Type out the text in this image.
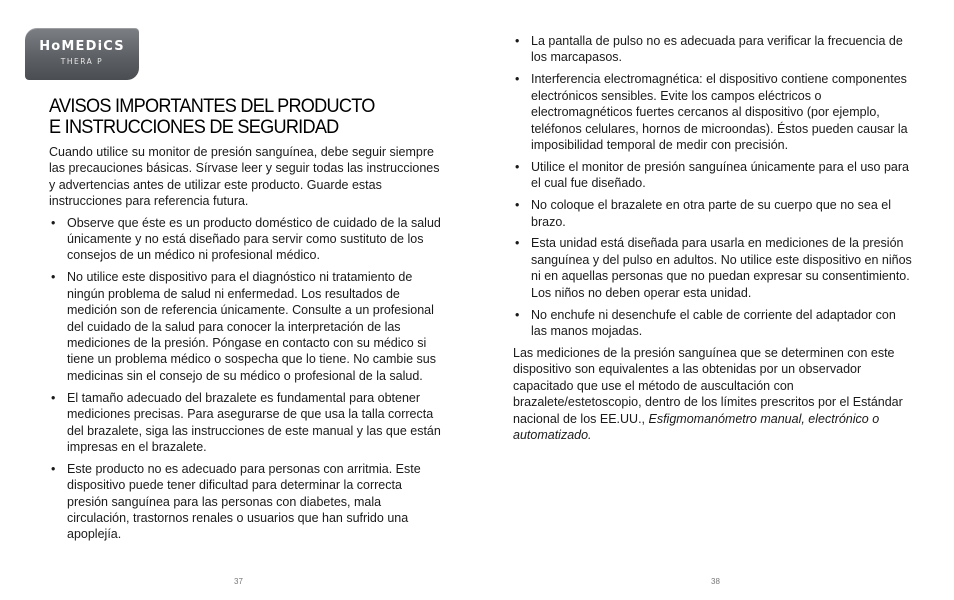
HoMEDiCS
THERA P
AVISOS IMPORTANTES DEL PRODUCTO
E INSTRUCCIONES DE SEGURIDAD

Cuando utilice su monitor de presión sanguínea, debe seguir siempre las precauciones básicas. Sírvase leer y seguir todas las instrucciones y advertencias antes de utilizar este producto. Guarde estas instrucciones para referencia futura.

• Observe que éste es un producto doméstico de cuidado de la salud únicamente y no está diseñado para servir como sustituto de los consejos de un médico ni profesional médico.
• No utilice este dispositivo para el diagnóstico ni tratamiento de ningún problema de salud ni enfermedad. Los resultados de medición son de referencia únicamente. Consulte a un profesional del cuidado de la salud para conocer la interpretación de las mediciones de la presión. Póngase en contacto con su médico si tiene un problema médico o sospecha que lo tiene. No cambie sus medicinas sin el consejo de su médico o profesional de la salud.
• El tamaño adecuado del brazalete es fundamental para obtener mediciones precisas. Para asegurarse de que usa la talla correcta del brazalete, siga las instrucciones de este manual y las que están impresas en el brazalete.
• Este producto no es adecuado para personas con arritmia. Este dispositivo puede tener dificultad para determinar la correcta presión sanguínea para las personas con diabetes, mala circulación, trastornos renales o usuarios que han sufrido una apoplejía.
• La pantalla de pulso no es adecuada para verificar la frecuencia de los marcapasos.
• Interferencia electromagnética: el dispositivo contiene componentes electrónicos sensibles. Evite los campos eléctricos o electromagnéticos fuertes cercanos al dispositivo (por ejemplo, teléfonos celulares, hornos de microondas). Éstos pueden causar la imposibilidad temporal de medir con precisión.
• Utilice el monitor de presión sanguínea únicamente para el uso para el cual fue diseñado.
• No coloque el brazalete en otra parte de su cuerpo que no sea el brazo.
• Esta unidad está diseñada para usarla en mediciones de la presión sanguínea y del pulso en adultos. No utilice este dispositivo en niños ni en aquellas personas que no puedan expresar su consentimiento. Los niños no deben operar esta unidad.
• No enchufe ni desenchufe el cable de corriente del adaptador con las manos mojadas.

Las mediciones de la presión sanguínea que se determinen con este dispositivo son equivalentes a las obtenidas por un observador capacitado que use el método de auscultación con brazalete/estetoscopio, dentro de los límites prescritos por el Estándar nacional de los EE.UU., Esfigmomanómetro manual, electrónico o automatizado.

37	38
